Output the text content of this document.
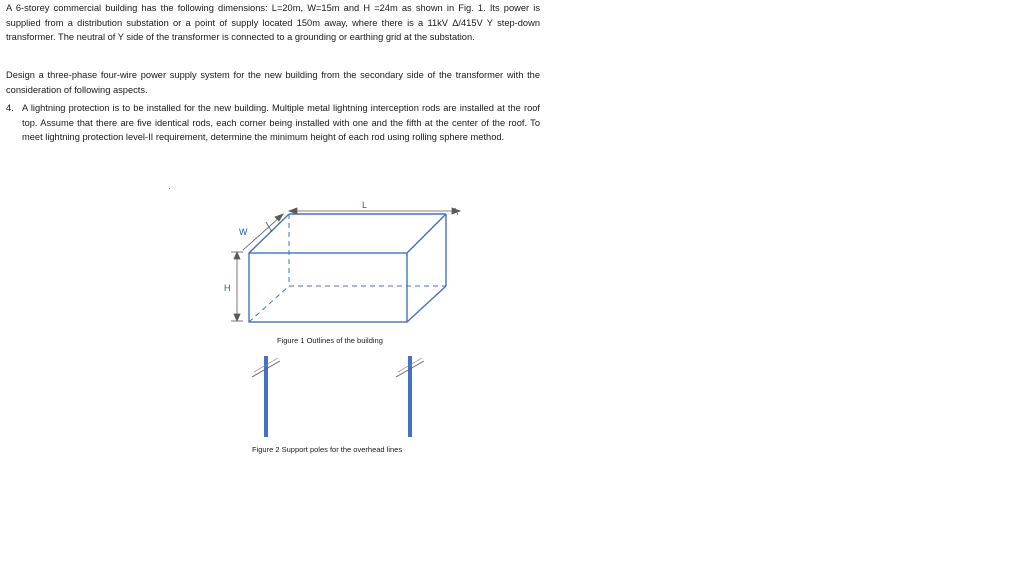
A 6-storey commercial building has the following dimensions: L=20m, W=15m and H =24m as shown in Fig. 1. Its power is supplied from a distribution substation or a point of supply located 150m away, where there is a 11kV Δ/415V Y step-down transformer. The neutral of Y side of the transformer is connected to a grounding or earthing grid at the substation.
Design a three-phase four-wire power supply system for the new building from the secondary side of the transformer with the consideration of following aspects.
4. A lightning protection is to be installed for the new building. Multiple metal lightning interception rods are installed at the roof top. Assume that there are five identical rods, each corner being installed with one and the fifth at the center of the roof. To meet lightning protection level-II requirement, determine the minimum height of each rod using rolling sphere method.
L
W
H
Figure 1 Outlines of the building
Figure 2 Support poles for the overhead lines
